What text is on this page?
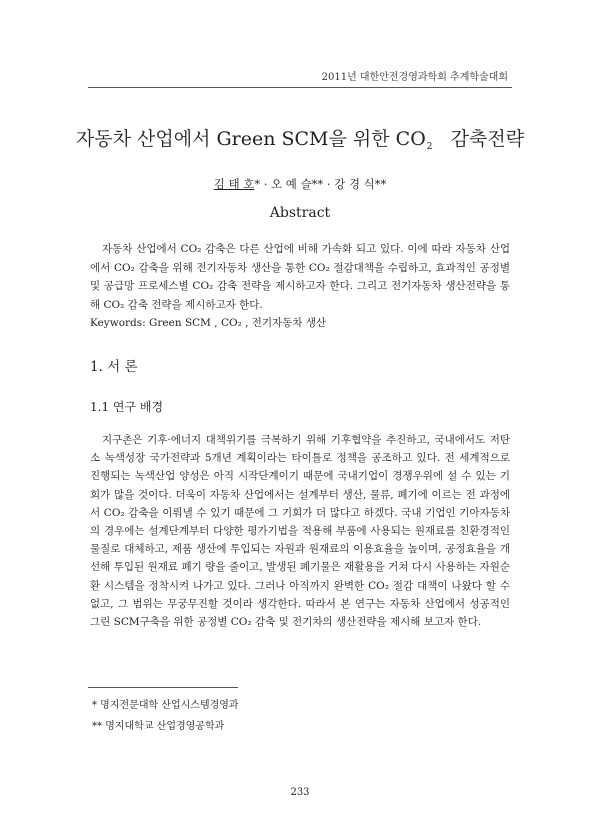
2011년 대한안전경영과학회 추계학술대회
자동차 산업에서 Green SCM을 위한 $CO_2$ 감축전략
김 태 호* · 오 예 슬** · 강 경 식**
Abstract

자동차 산업에서 CO₂ 감축은 다른 산업에 비해 가속화 되고 있다. 이에 따라 자동차 산업에서 CO₂ 감축을 위해 전기자동차 생산을 통한 CO₂ 절감대책을 수립하고, 효과적인 공정별 및 공급망 프로세스별 CO₂ 감축 전략을 제시하고자 한다. 그리고 전기자동차 생산전략을 통해 CO₂ 감축 전략을 제시하고자 한다.

Keywords: Green SCM , CO₂ , 전기자동차 생산

1. 서 론
1.1 연구 배경

지구촌은 기후·에너지 대책위기를 극복하기 위해 기후협약을 추진하고, 국내에서도 저탄소 녹색성장 국가전략과 5개년 계획이라는 타이틀로 정책을 공조하고 있다. 전 세계적으로 진행되는 녹색산업 양성은 아직 시작단계이기 때문에 국내기업이 경쟁우위에 설 수 있는 기회가 많을 것이다. 더욱이 자동차 산업에서는 설계부터 생산, 물류, 폐기에 이르는 전 과정에서 CO₂ 감축을 이뤄낼 수 있기 때문에 그 기회가 더 많다고 하겠다. 국내 기업인 기아자동차의 경우에는 설계단계부터 다양한 평가기법을 적용해 부품에 사용되는 원재료를 친환경적인 물질로 대체하고, 제품 생산에 투입되는 자원과 원재료의 이용효율을 높이며, 공정효율을 개선해 투입된 원재료 폐기 량을 줄이고, 발생된 폐기물은 재활용을 거쳐 다시 사용하는 자원순환 시스템을 정착시켜 나가고 있다. 그러나 아직까지 완벽한 CO₂ 절감 대책이 나왔다 할 수 없고, 그 범위는 무궁무진할 것이라 생각한다. 따라서 본 연구는 자동차 산업에서 성공적인 그린 SCM구축을 위한 공정별 CO₂ 감축 및 전기차의 생산전략을 제시해 보고자 한다.

* 명지전문대학 산업시스템경영과
** 명지대학교 산업경영공학과
233
